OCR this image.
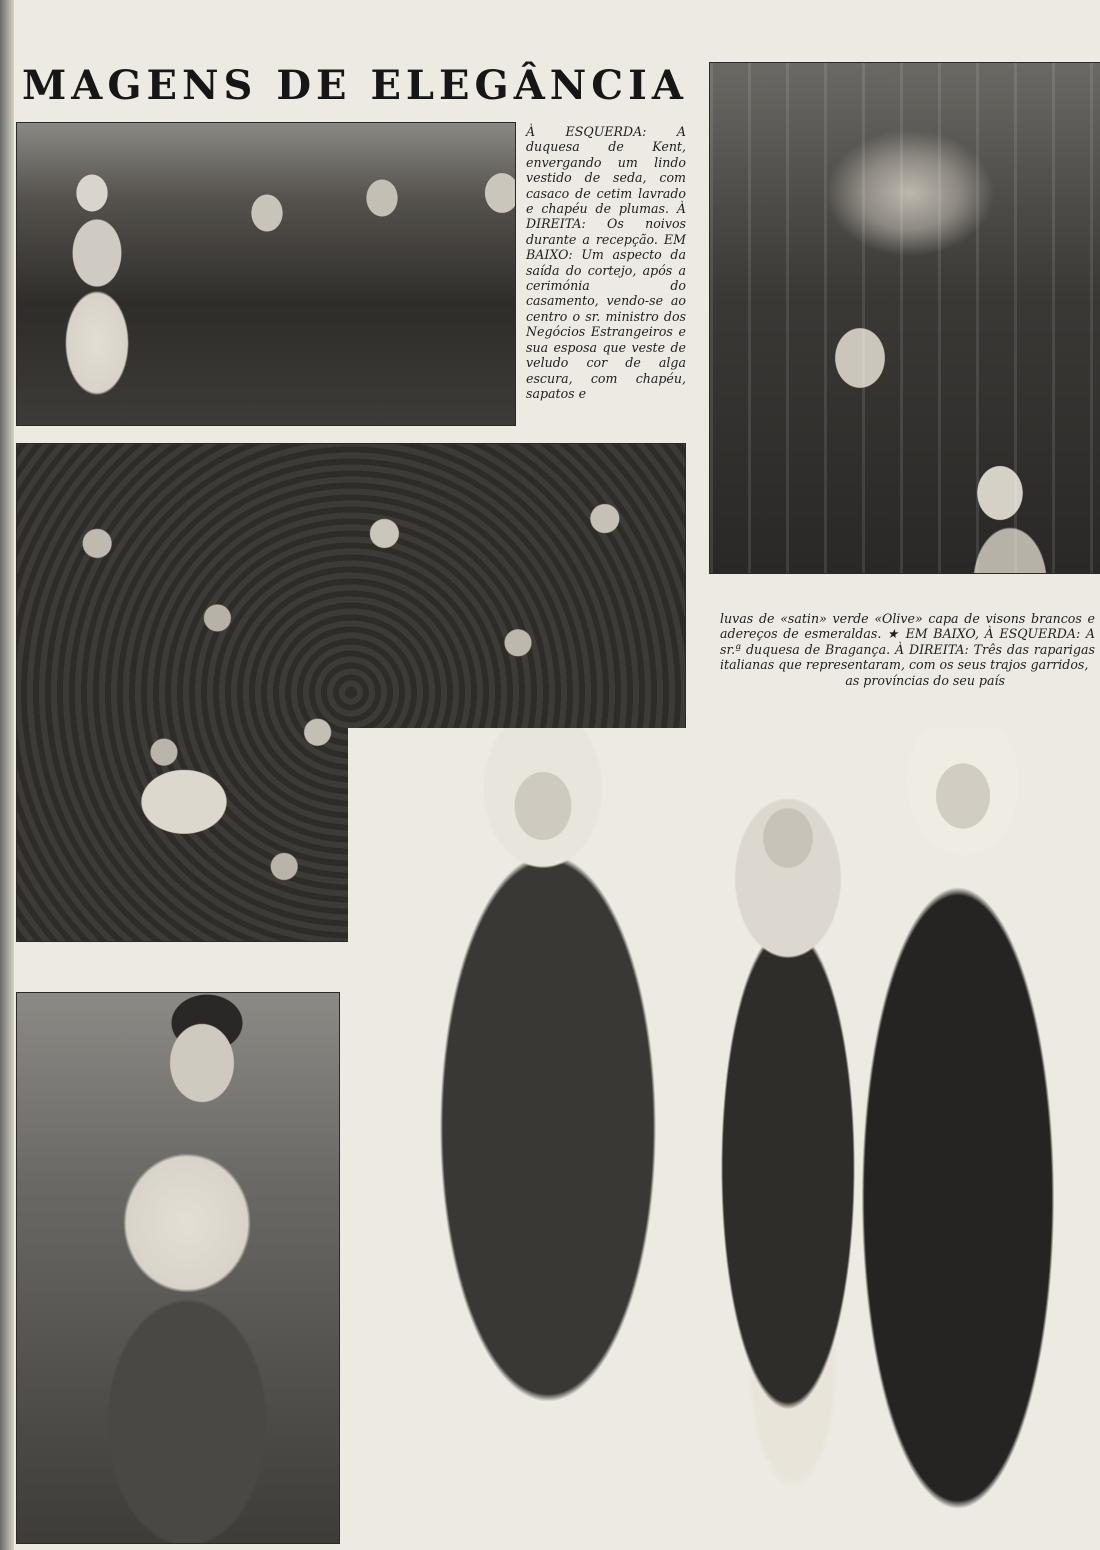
MAGENS DE ELEGÂNCIA

À ESQUERDA: A duquesa de Kent, envergando um lindo vestido de seda, com casaco de cetim lavrado e chapéu de plumas. À DIREITA: Os noivos durante a recepção. EM BAIXO: Um aspecto da saída do cortejo, após a cerimónia do casamento, vendo-se ao centro o sr. ministro dos Negócios Estrangeiros e sua esposa que veste de veludo cor de alga escura, com chapéu, sapatos e

luvas de «satin» verde «Olive» capa de visons brancos e adereços de esmeraldas. ★ EM BAIXO, À ESQUERDA: A sr.ª duquesa de Bragança. À DIREITA: Três das raparigas italianas que representaram, com os seus trajos garridos,
as províncias do seu país
